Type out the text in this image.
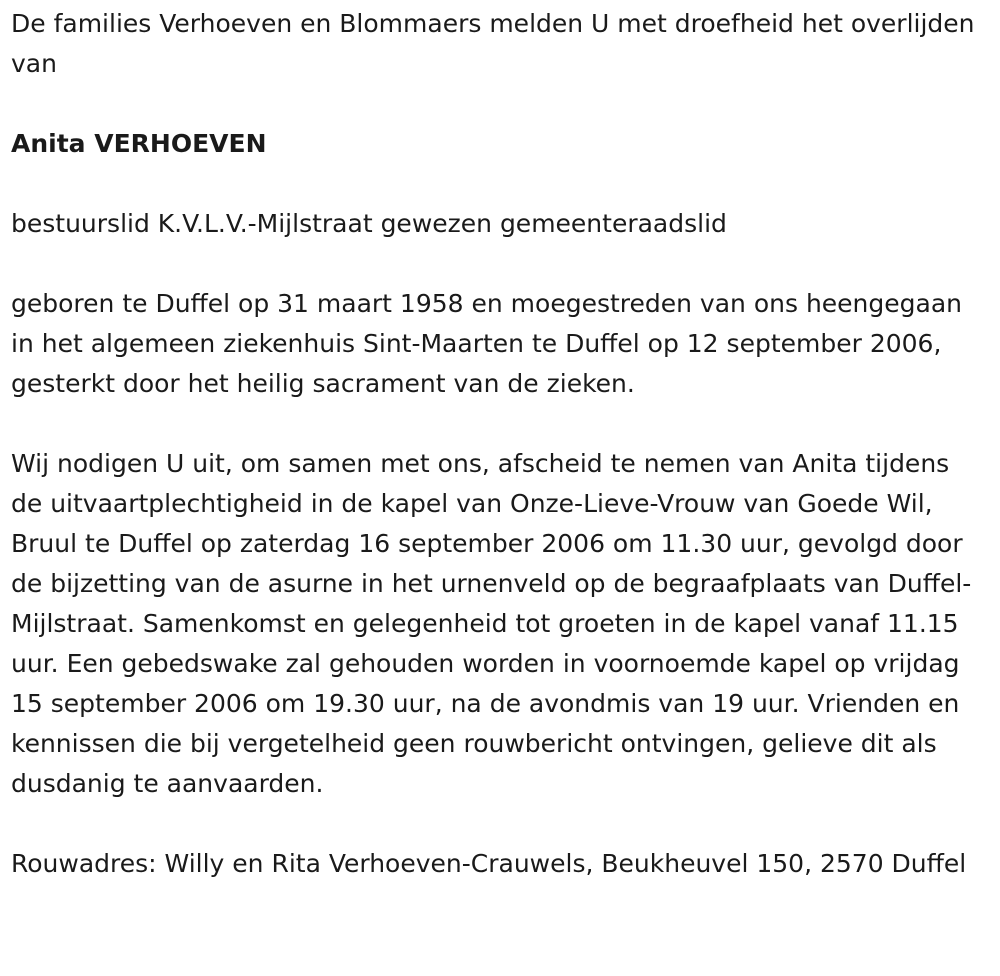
De families Verhoeven en Blommaers melden U met droefheid het overlijden van

Anita VERHOEVEN

bestuurslid K.V.L.V.-Mijlstraat gewezen gemeenteraadslid

geboren te Duffel op 31 maart 1958 en moegestreden van ons heengegaan in het algemeen ziekenhuis Sint-Maarten te Duffel op 12 september 2006, gesterkt door het heilig sacrament van de zieken.

Wij nodigen U uit, om samen met ons, afscheid te nemen van Anita tijdens de uitvaartplechtigheid in de kapel van Onze-Lieve-Vrouw van Goede Wil, Bruul te Duffel op zaterdag 16 september 2006 om 11.30 uur, gevolgd door de bijzetting van de asurne in het urnenveld op de begraafplaats van Duffel-Mijlstraat. Samenkomst en gelegenheid tot groeten in de kapel vanaf 11.15 uur. Een gebedswake zal gehouden worden in voornoemde kapel op vrijdag 15 september 2006 om 19.30 uur, na de avondmis van 19 uur. Vrienden en kennissen die bij vergetelheid geen rouwbericht ontvingen, gelieve dit als dusdanig te aanvaarden.

Rouwadres: Willy en Rita Verhoeven-Crauwels, Beukheuvel 150, 2570 Duffel
